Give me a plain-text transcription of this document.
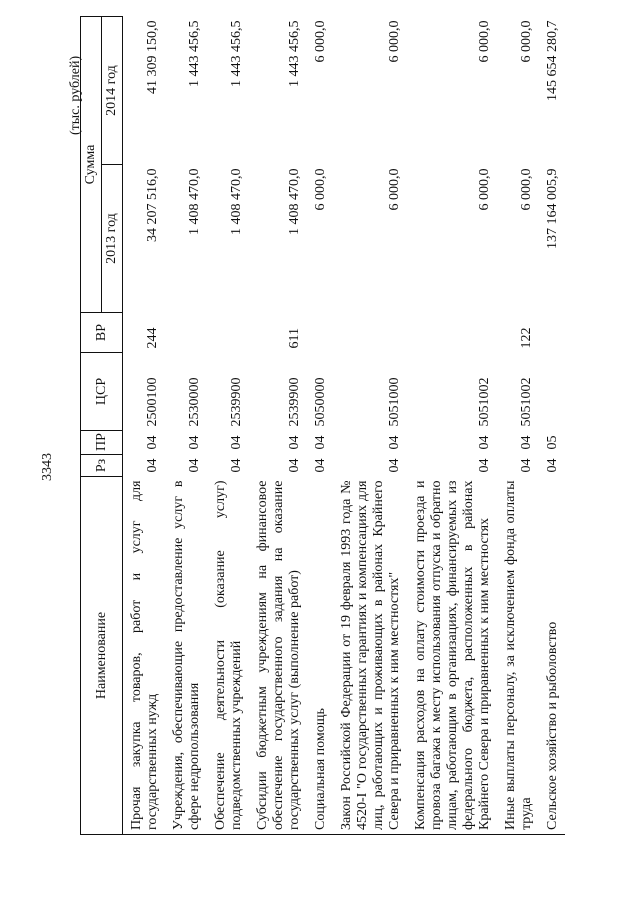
3343
(тыс. рублей)
Наименование	Рз	ПР	ЦСР	ВР	Сумма	
					2013 год	2014 год
Прочая закупка товаров, работ и услуг для государственных нужд	04	04	2500100	244	34 207 516,0	41 309 150,0
Учреждения, обеспечивающие предоставление услуг в сфере недропользования	04	04	2530000		1 408 470,0	1 443 456,5
Обеспечение деятельности (оказание услуг) подведомственных учреждений	04	04	2539900		1 408 470,0	1 443 456,5
Субсидии бюджетным учреждениям на финансовое обеспечение государственного задания на оказание государственных услуг (выполнение работ)	04	04	2539900	611	1 408 470,0	1 443 456,5
Социальная помощь	04	04	5050000		6 000,0	6 000,0
Закон Российской Федерации от 19 февраля 1993 года № 4520-I "О государственных гарантиях и компенсациях для лиц, работающих и проживающих в районах Крайнего Севера и приравненных к ним местностях"	04	04	5051000		6 000,0	6 000,0
Компенсация расходов на оплату стоимости проезда и провоза багажа к месту использования отпуска и обратно лицам, работающим в организациях, финансируемых из федерального бюджета, расположенных в районах Крайнего Севера и приравненных к ним местностях	04	04	5051002		6 000,0	6 000,0
Иные выплаты персоналу, за исключением фонда оплаты труда	04	04	5051002	122	6 000,0	6 000,0
Сельское хозяйство и рыболовство	04	05			137 164 005,9	145 654 280,7
